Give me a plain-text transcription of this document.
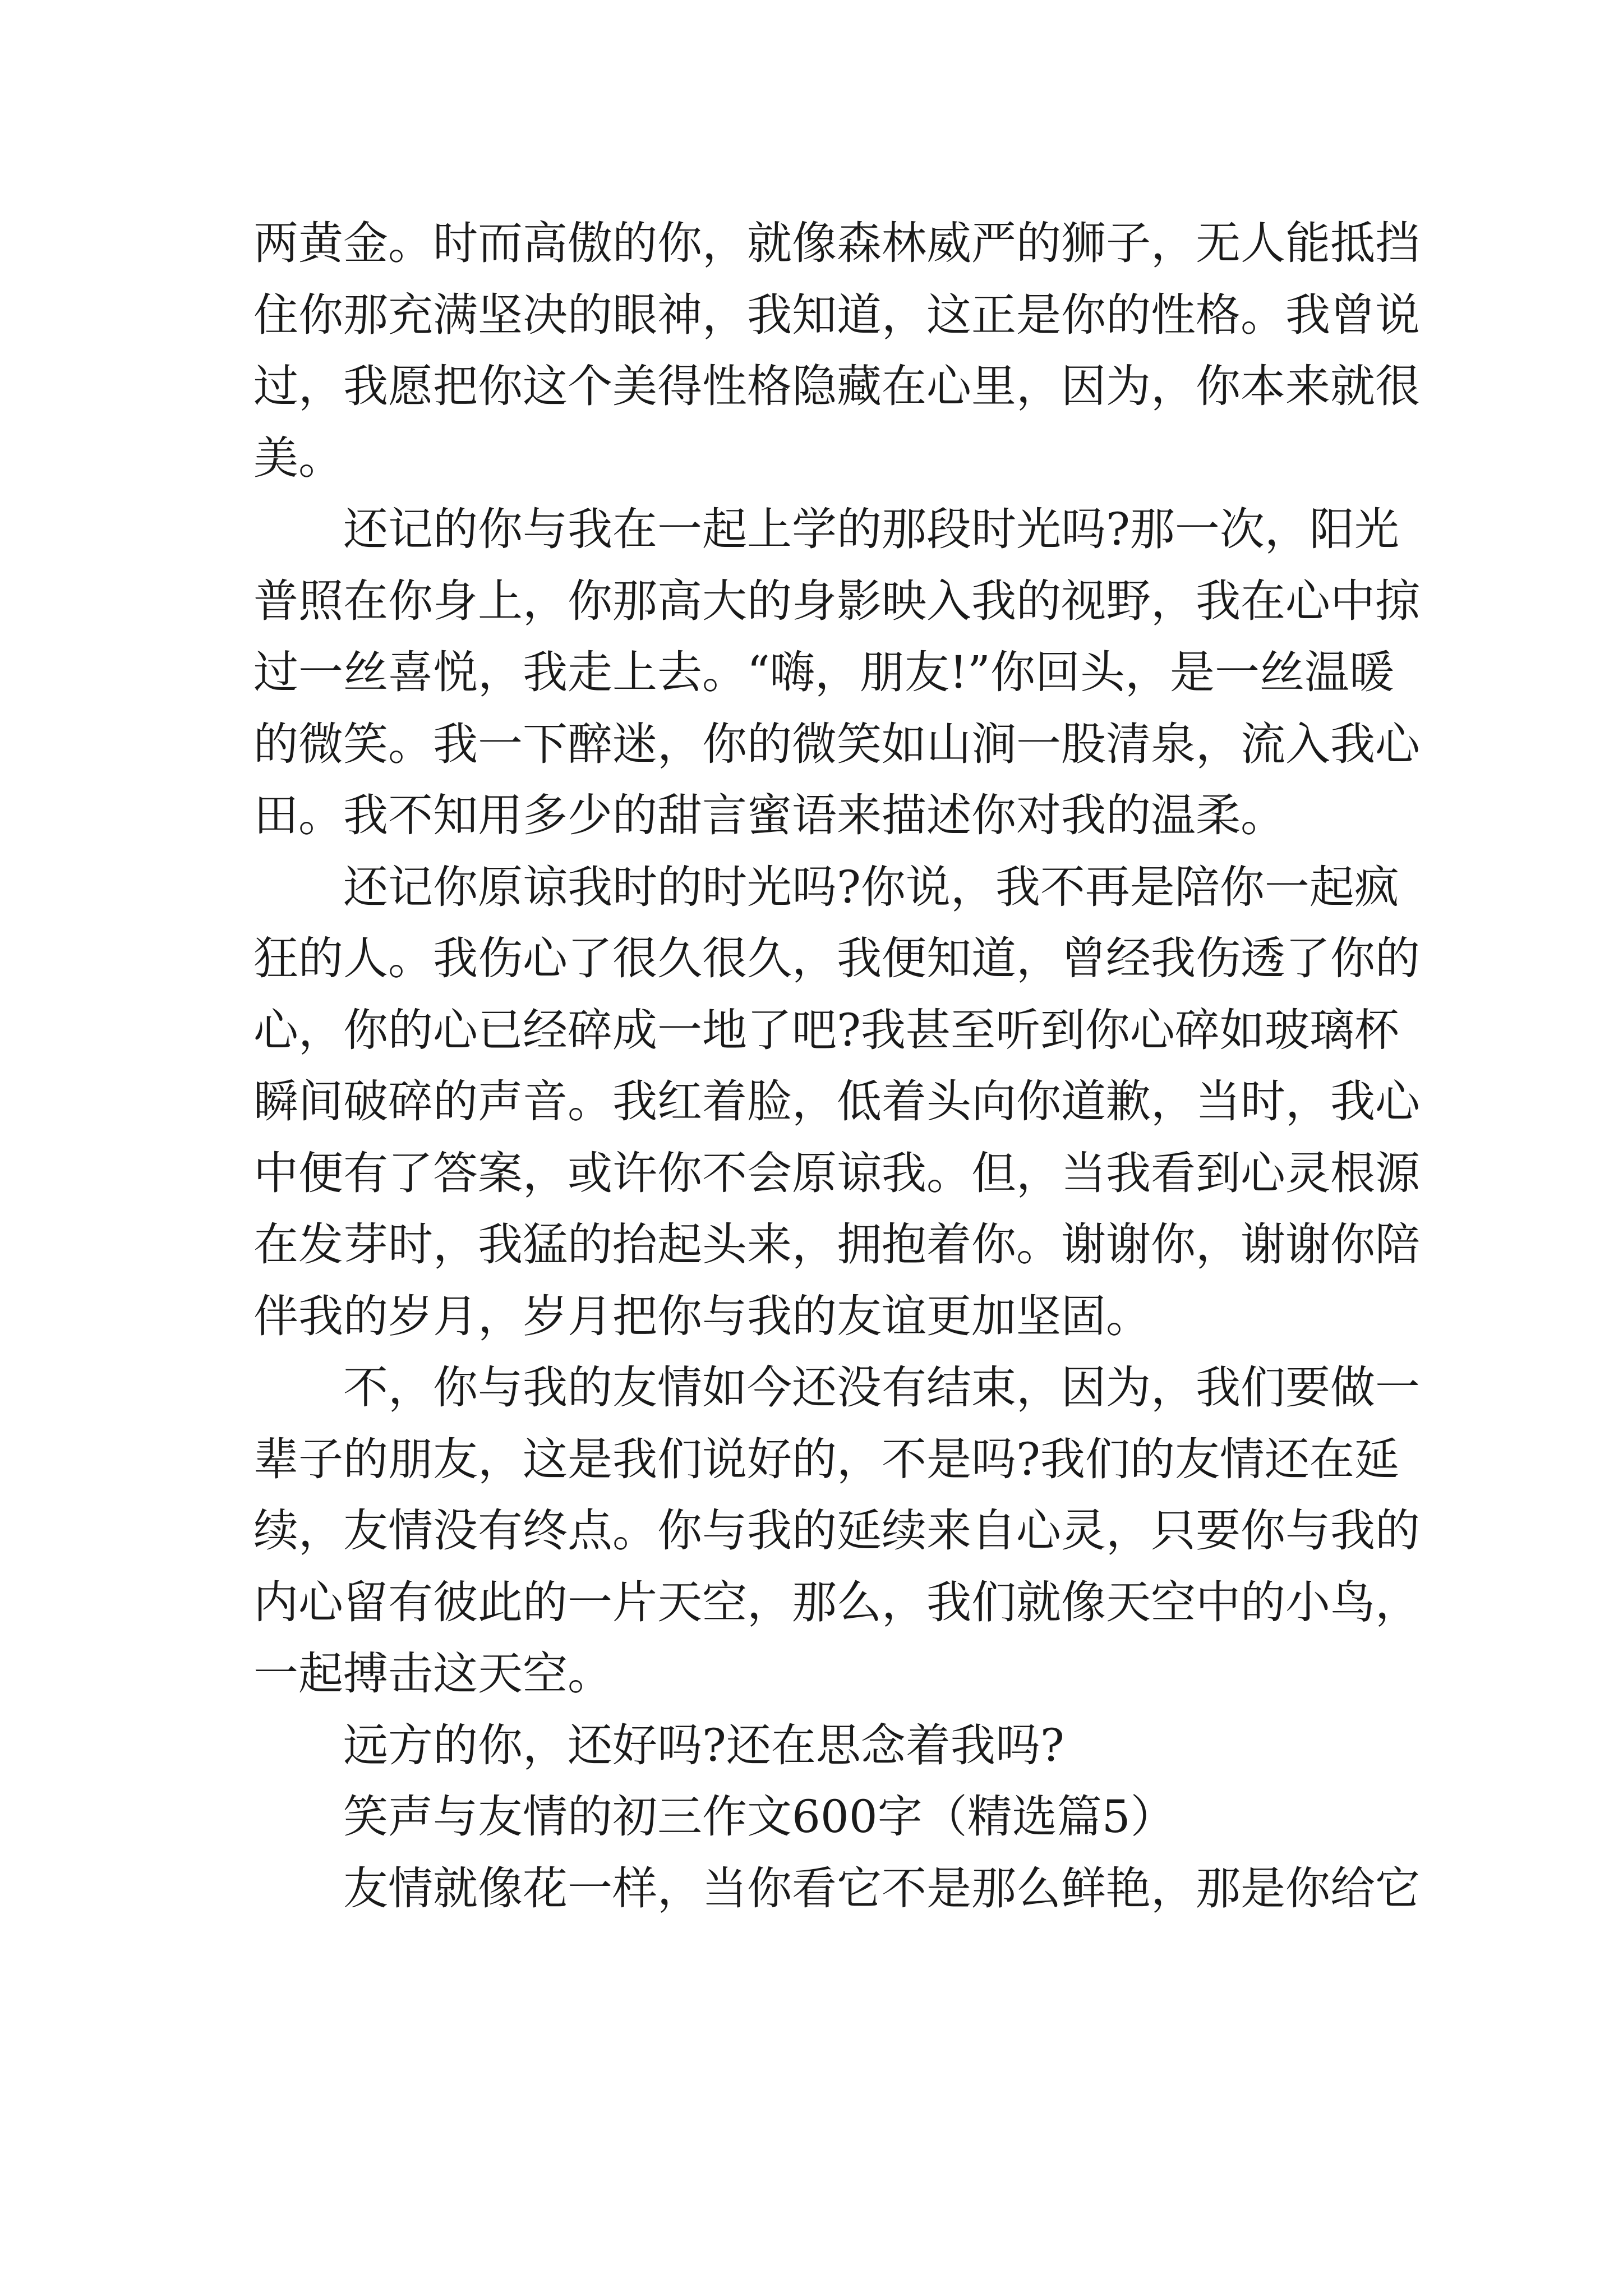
两黄金。时而高傲的你，就像森林威严的狮子，无人能抵挡
住你那充满坚决的眼神，我知道，这正是你的性格。我曾说
过，我愿把你这个美得性格隐藏在心里，因为，你本来就很
美。
还记的你与我在一起上学的那段时光吗?那一次，阳光
普照在你身上，你那高大的身影映入我的视野，我在心中掠
过一丝喜悦，我走上去。“嗨，朋友!”你回头，是一丝温暖
的微笑。我一下醉迷，你的微笑如山涧一股清泉，流入我心
田。我不知用多少的甜言蜜语来描述你对我的温柔。
还记你原谅我时的时光吗?你说，我不再是陪你一起疯
狂的人。我伤心了很久很久，我便知道，曾经我伤透了你的
心，你的心已经碎成一地了吧?我甚至听到你心碎如玻璃杯
瞬间破碎的声音。我红着脸，低着头向你道歉，当时，我心
中便有了答案，或许你不会原谅我。但，当我看到心灵根源
在发芽时，我猛的抬起头来，拥抱着你。谢谢你，谢谢你陪
伴我的岁月，岁月把你与我的友谊更加坚固。
不，你与我的友情如今还没有结束，因为，我们要做一
辈子的朋友，这是我们说好的，不是吗?我们的友情还在延
续，友情没有终点。你与我的延续来自心灵，只要你与我的
内心留有彼此的一片天空，那么，我们就像天空中的小鸟，
一起搏击这天空。
远方的你，还好吗?还在思念着我吗?
笑声与友情的初三作文600字（精选篇5）
友情就像花一样，当你看它不是那么鲜艳，那是你给它
